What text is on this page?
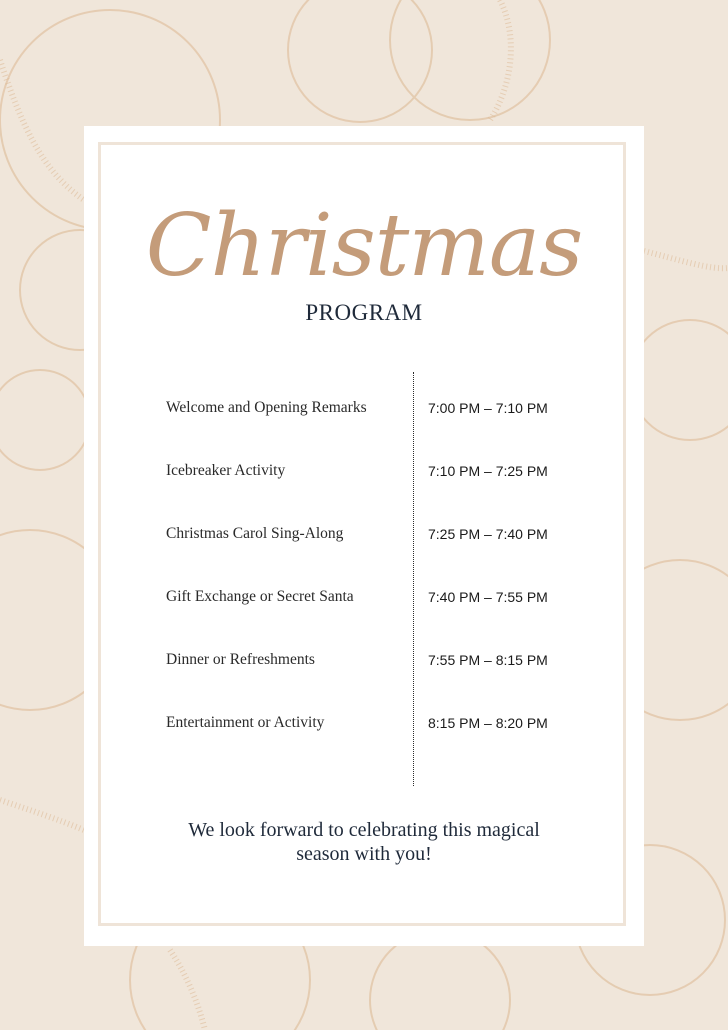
Christmas
PROGRAM
Welcome and Opening Remarks	7:00 PM – 7:10 PM
Icebreaker Activity	7:10 PM – 7:25 PM
Christmas Carol Sing-Along	7:25 PM – 7:40 PM
Gift Exchange or Secret Santa	7:40 PM – 7:55 PM
Dinner or Refreshments	7:55 PM – 8:15 PM
Entertainment or Activity	8:15 PM – 8:20 PM
We look forward to celebrating this magical
season with you!
